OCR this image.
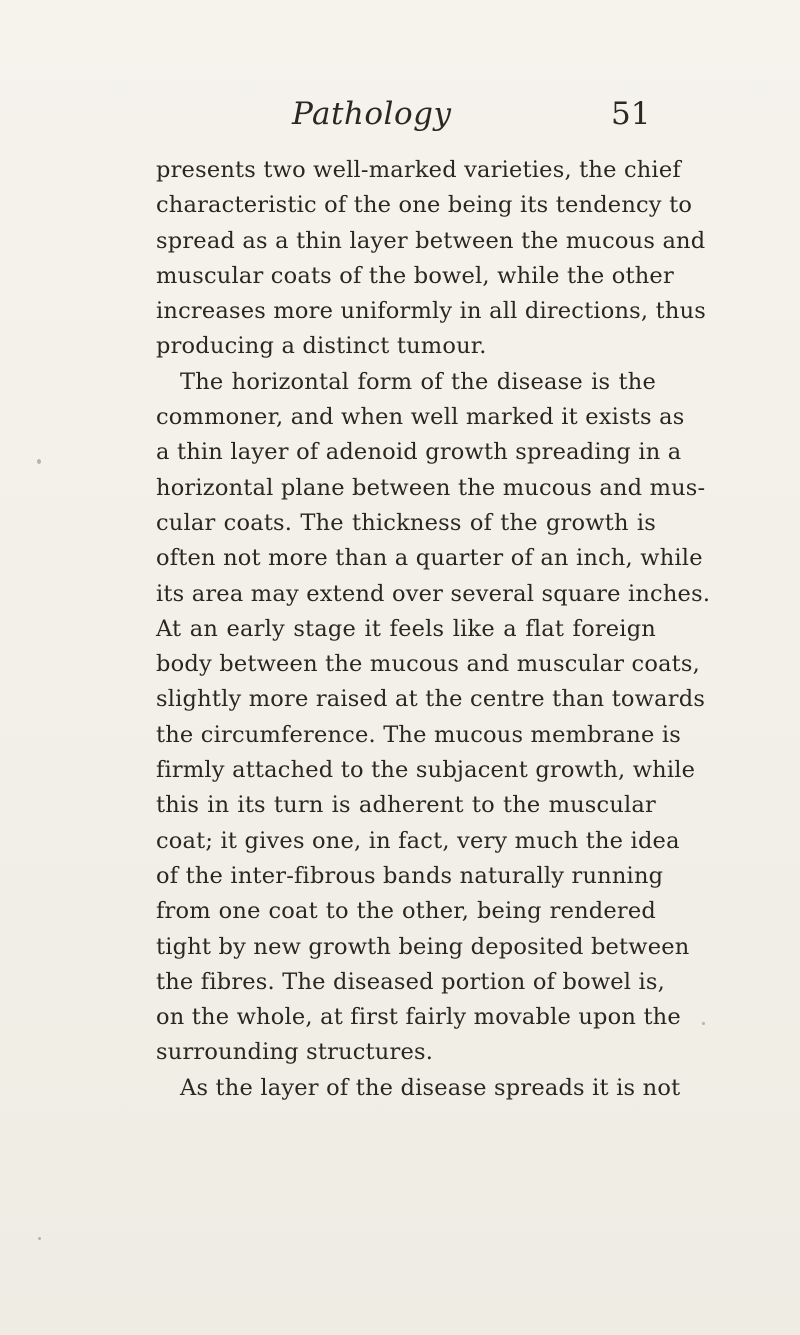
Pathology	51
presents two well-marked varieties, the chief
characteristic of the one being its tendency to
spread as a thin layer between the mucous and
muscular coats of the bowel, while the other
increases more uniformly in all directions, thus
producing a distinct tumour.
The horizontal form of the disease is the
commoner, and when well marked it exists as
a thin layer of adenoid growth spreading in a
horizontal plane between the mucous and mus-
cular coats. The thickness of the growth is
often not more than a quarter of an inch, while
its area may extend over several square inches.
At an early stage it feels like a flat foreign
body between the mucous and muscular coats,
slightly more raised at the centre than towards
the circumference. The mucous membrane is
firmly attached to the subjacent growth, while
this in its turn is adherent to the muscular
coat; it gives one, in fact, very much the idea
of the inter-fibrous bands naturally running
from one coat to the other, being rendered
tight by new growth being deposited between
the fibres. The diseased portion of bowel is,
on the whole, at first fairly movable upon the
surrounding structures.
As the layer of the disease spreads it is not
